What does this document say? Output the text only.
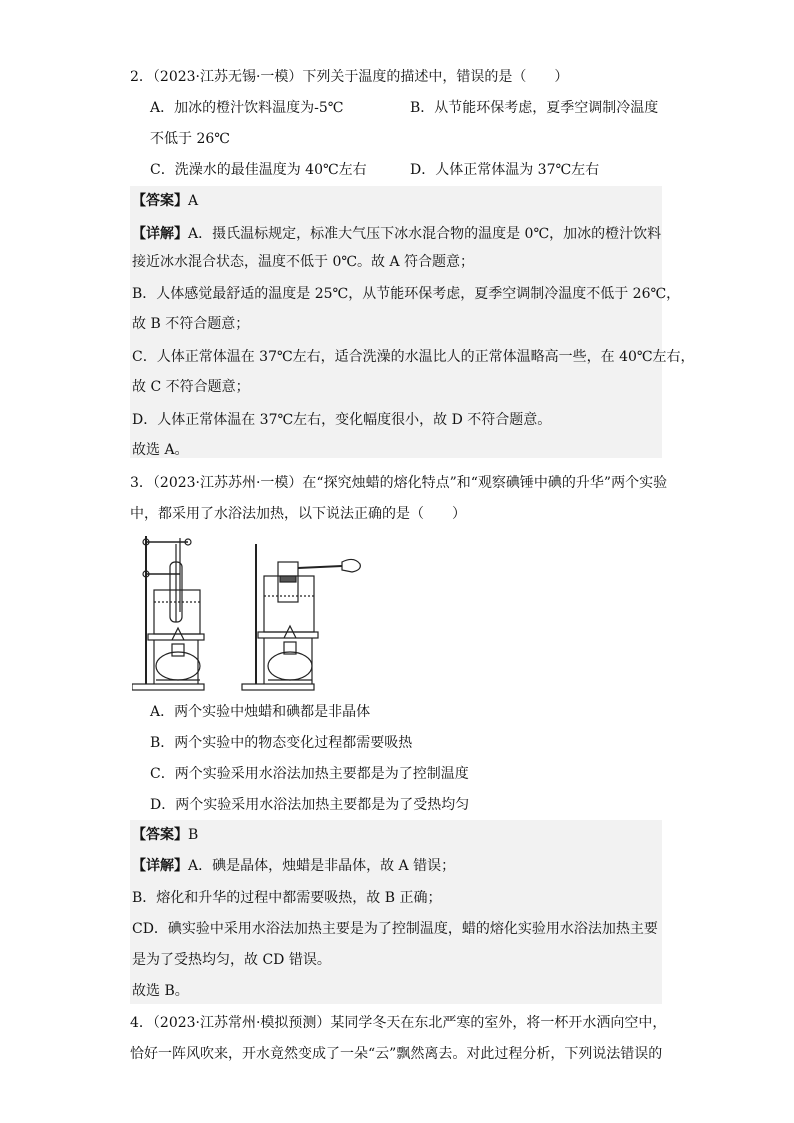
2．（2023·江苏无锡·一模）下列关于温度的描述中，错误的是（　　）
A．加冰的橙汁饮料温度为-5℃	B．从节能环保考虑，夏季空调制冷温度
不低于 26℃
C．洗澡水的最佳温度为 40℃左右	D．人体正常体温为 37℃左右
【答案】A
【详解】A．摄氏温标规定，标准大气压下冰水混合物的温度是 0℃，加冰的橙汁饮料
接近冰水混合状态，温度不低于 0℃。故 A 符合题意；
B．人体感觉最舒适的温度是 25℃，从节能环保考虑，夏季空调制冷温度不低于 26℃，
故 B 不符合题意；
C．人体正常体温在 37℃左右，适合洗澡的水温比人的正常体温略高一些，在 40℃左右，
故 C 不符合题意；
D．人体正常体温在 37℃左右，变化幅度很小，故 D 不符合题意。
故选 A。
3．（2023·江苏苏州·一模）在“探究烛蜡的熔化特点”和“观察碘锤中碘的升华”两个实验
中，都采用了水浴法加热，以下说法正确的是（　　）
A．两个实验中烛蜡和碘都是非晶体
B．两个实验中的物态变化过程都需要吸热
C．两个实验采用水浴法加热主要都是为了控制温度
D．两个实验采用水浴法加热主要都是为了受热均匀
【答案】B
【详解】A．碘是晶体，烛蜡是非晶体，故 A 错误；
B．熔化和升华的过程中都需要吸热，故 B 正确；
CD．碘实验中采用水浴法加热主要是为了控制温度，蜡的熔化实验用水浴法加热主要
是为了受热均匀，故 CD 错误。
故选 B。
4．（2023·江苏常州·模拟预测）某同学冬天在东北严寒的室外，将一杯开水洒向空中，
恰好一阵风吹来，开水竟然变成了一朵“云”飘然离去。对此过程分析，下列说法错误的
